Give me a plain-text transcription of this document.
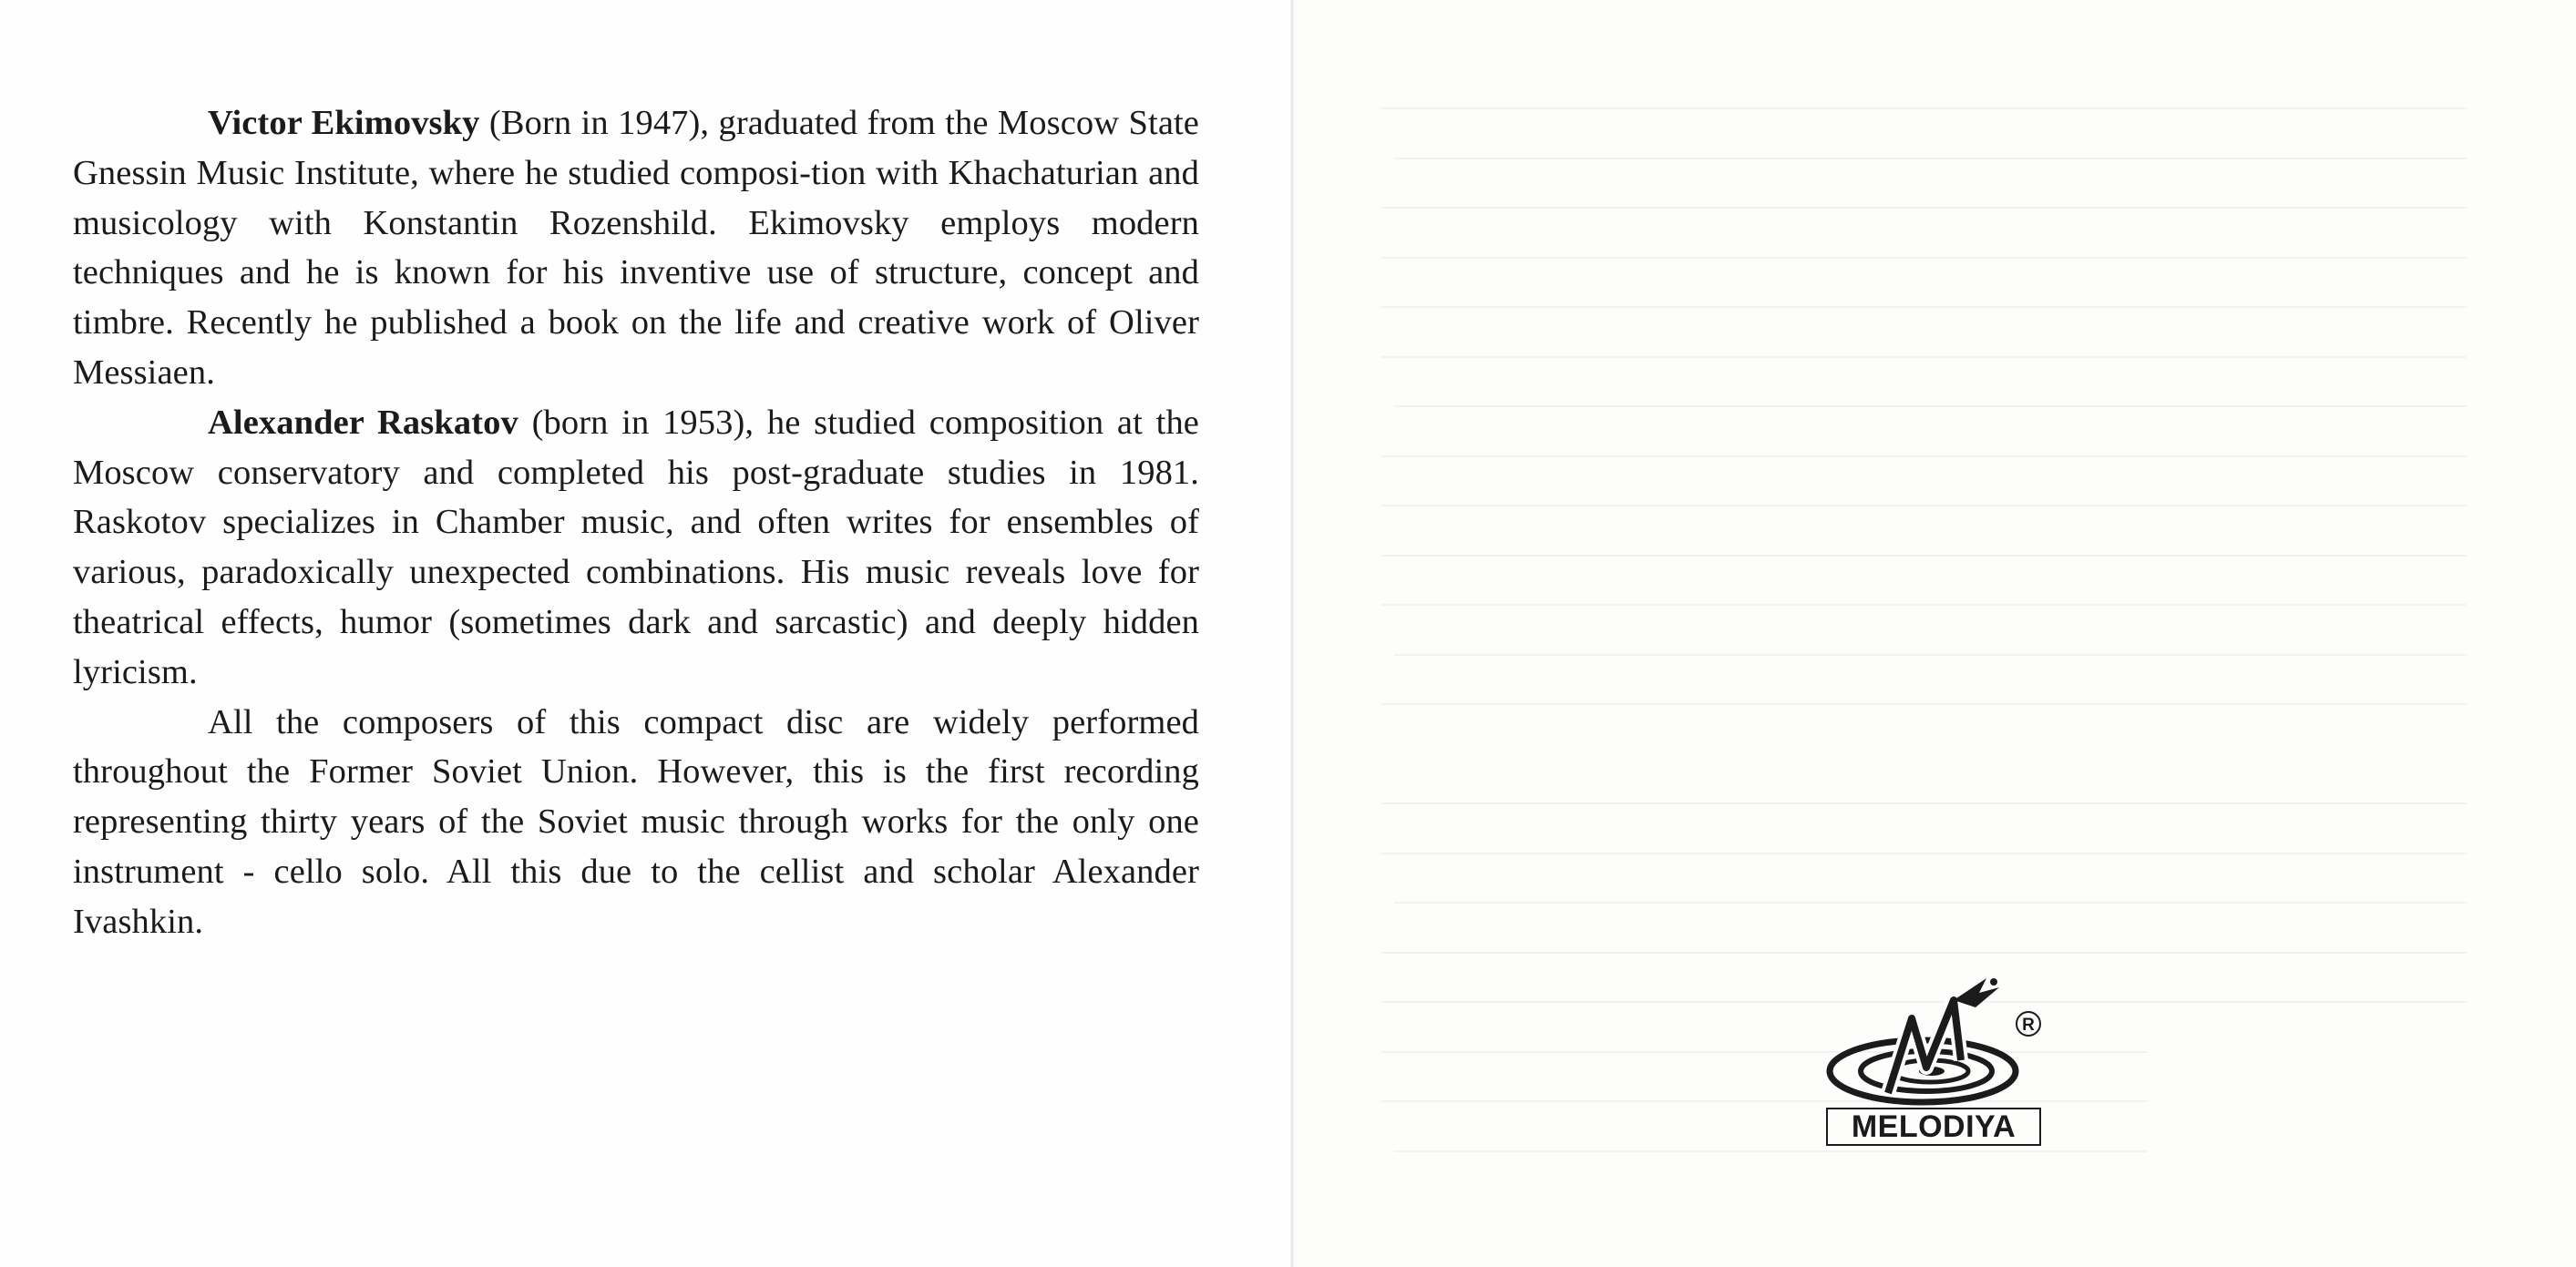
Victor Ekimovsky (Born in 1947), graduated from the Moscow State Gnessin Music Institute, where he studied composi-tion with Khachaturian and musicology with Konstantin Rozenshild. Ekimovsky employs modern techniques and he is known for his inventive use of structure, concept and timbre. Recently he published a book on the life and creative work of Oliver Messiaen.

Alexander Raskatov (born in 1953), he studied composition at the Moscow conservatory and completed his post-graduate studies in 1981. Raskotov specializes in Chamber music, and often writes for ensembles of various, paradoxically unexpected combinations. His music reveals love for theatrical effects, humor (sometimes dark and sarcastic) and deeply hidden lyricism.

All the composers of this compact disc are widely performed throughout the Former Soviet Union. However, this is the first recording representing thirty years of the Soviet music through works for the only one instrument - cello solo. All this due to the cellist and scholar Alexander Ivashkin.

R
MELODIYA
